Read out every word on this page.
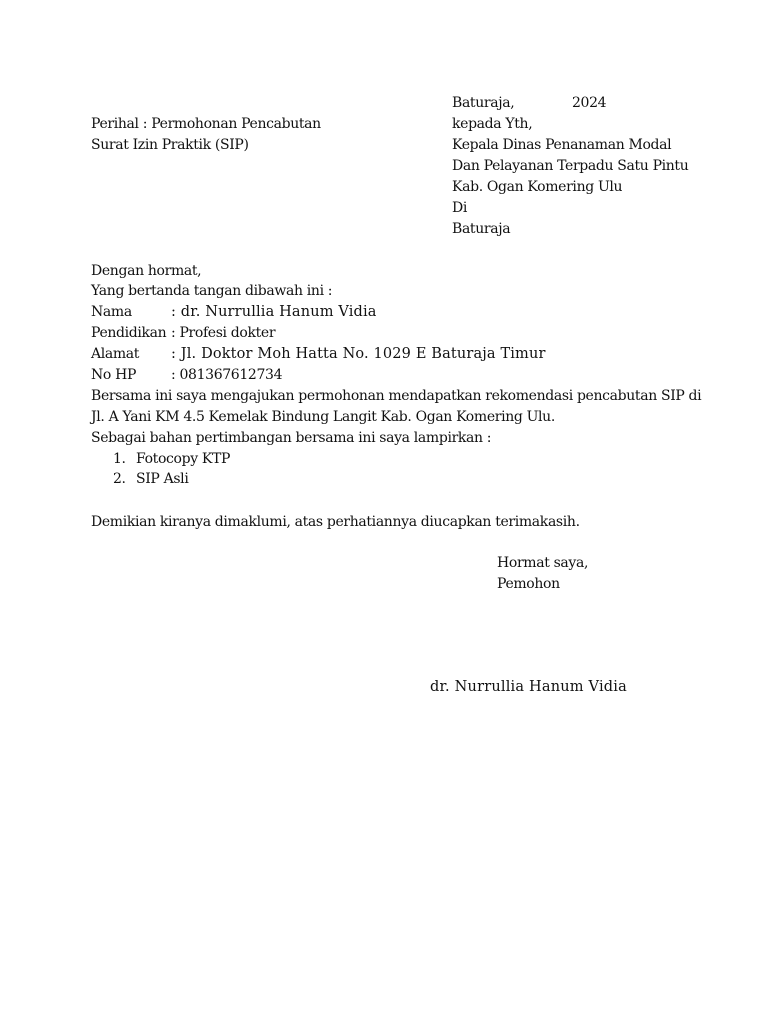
Baturaja,	2024
Perihal : Permohonan Pencabutan
Surat Izin Praktik (SIP)
kepada Yth,
Kepala Dinas Penanaman Modal
Dan Pelayanan Terpadu Satu Pintu
Kab. Ogan Komering Ulu
Di
Baturaja
Dengan hormat,
Yang bertanda tangan dibawah ini :
Nama	: dr. Nurrullia Hanum Vidia
Pendidikan : Profesi dokter
Alamat : Jl. Doktor Moh Hatta No. 1029 E Baturaja Timur
No HP : 081367612734
Bersama ini saya mengajukan permohonan mendapatkan rekomendasi pencabutan SIP di
Jl. A Yani KM 4.5 Kemelak Bindung Langit Kab. Ogan Komering Ulu.
Sebagai bahan pertimbangan bersama ini saya lampirkan :
1. Fotocopy KTP
2. SIP Asli
Demikian kiranya dimaklumi, atas perhatiannya diucapkan terimakasih.
Hormat saya,
Pemohon
dr. Nurrullia Hanum Vidia
